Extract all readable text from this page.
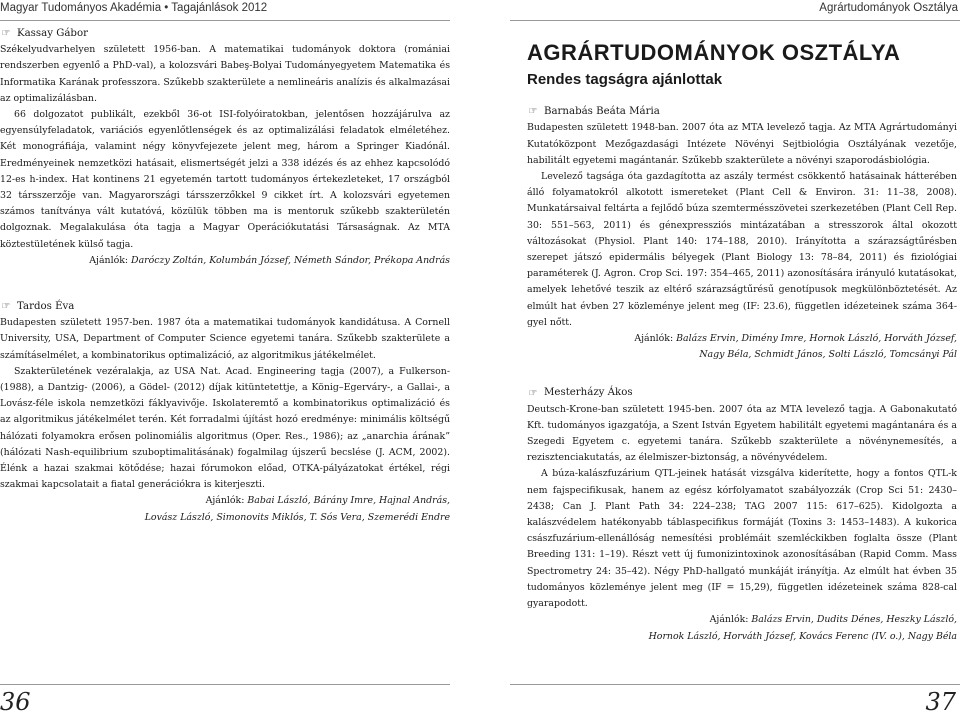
Magyar Tudományos Akadémia • Tagajánlások 2012	Agrártudományok Osztálya
☞ Kassay Gábor

Székelyudvarhelyen született 1956-ban. A matematikai tudományok doktora (romániai rendszerben egyenlő a PhD-val), a kolozsvári Babeş-Bolyai Tudományegyetem Matematika és Informatika Karának professzora. Szűkebb szakterülete a nemlineáris analízis és alkalmazásai az optimalizálásban.

66 dolgozatot publikált, ezekből 36-ot ISI-folyóiratokban, jelentősen hozzájárulva az egyensúlyfeladatok, variációs egyenlőtlenségek és az optimalizálási feladatok elméletéhez. Két monográfiája, valamint négy könyvfejezete jelent meg, három a Springer Kiadónál. Eredményeinek nemzetközi hatásait, elismertségét jelzi a 338 idézés és az ehhez kapcsolódó 12-es h-index. Hat kontinens 21 egyetemén tartott tudományos értekezleteket, 17 országból 32 társszerzője van. Magyarországi társszerzőkkel 9 cikket írt. A kolozsvári egyetemen számos tanítványa vált kutatóvá, közülük többen ma is mentoruk szűkebb szakterületén dolgoznak. Megalakulása óta tagja a Magyar Operációkutatási Társaságnak. Az MTA köztestületének külső tagja.

Ajánlók: Daróczy Zoltán, Kolumbán József, Németh Sándor, Prékopa András

☞ Tardos Éva

Budapesten született 1957-ben. 1987 óta a matematikai tudományok kandidátusa. A Cornell University, USA, Department of Computer Science egyetemi tanára. Szűkebb szakterülete a számításelmélet, a kombinatorikus optimalizáció, az algoritmikus játékelmélet.

Szakterületének vezéralakja, az USA Nat. Acad. Engineering tagja (2007), a Fulkerson- (1988), a Dantzig- (2006), a Gödel- (2012) díjak kitüntetettje, a König–Egerváry-, a Gallai-, a Lovász-féle iskola nemzetközi fáklyavivője. Iskolateremtő a kombinatorikus optimalizáció és az algoritmikus játékelmélet terén. Két forradalmi újítást hozó eredménye: minimális költségű hálózati folyamokra erősen polinomiális algoritmus (Oper. Res., 1986); az „anarchia árának” (hálózati Nash-equilibrium szuboptimalitásának) fogalmilag újszerű becslése (J. ACM, 2002). Élénk a hazai szakmai kötődése; hazai fórumokon előad, OTKA-pályázatokat értékel, régi szakmai kapcsolatait a fiatal generációkra is kiterjeszti.

Ajánlók: Babai László, Bárány Imre, Hajnal András,

Lovász László, Simonovits Miklós, T. Sós Vera, Szemerédi Endre

AGRÁRTUDOMÁNYOK OSZTÁLYA
Rendes tagságra ajánlottak
☞ Barnabás Beáta Mária

Budapesten született 1948-ban. 2007 óta az MTA levelező tagja. Az MTA Agrártudományi Kutatóközpont Mezőgazdasági Intézete Növényi Sejtbiológia Osztályának vezetője, habilitált egyetemi magántanár. Szűkebb szakterülete a növényi szaporodásbiológia.

Levelező tagsága óta gazdagította az aszály termést csökkentő hatásainak hátterében álló folyamatokról alkotott ismereteket (Plant Cell & Environ. 31: 11–38, 2008). Munkatársaival feltárta a fejlődő búza szemtermésszövetei szerkezetében (Plant Cell Rep. 30: 551–563, 2011) és génexpressziós mintázatában a stresszorok által okozott változásokat (Physiol. Plant 140: 174–188, 2010). Irányította a szárazságtűrésben szerepet játszó epidermális bélyegek (Plant Biology 13: 78–84, 2011) és fiziológiai paraméterek (J. Agron. Crop Sci. 197: 354–465, 2011) azonosítására irányuló kutatásokat, amelyek lehetővé teszik az eltérő szárazságtűrésű genotípusok megkülönböztetését. Az elmúlt hat évben 27 közleménye jelent meg (IF: 23.6), független idézeteinek száma 364-gyel nőtt.

Ajánlók: Balázs Ervin, Dimény Imre, Hornok László, Horváth József,

Nagy Béla, Schmidt János, Solti László, Tomcsányi Pál

☞ Mesterházy Ákos

Deutsch-Krone-ban született 1945-ben. 2007 óta az MTA levelező tagja. A Gabonakutató Kft. tudományos igazgatója, a Szent István Egyetem habilitált egyetemi magántanára és a Szegedi Egyetem c. egyetemi tanára. Szűkebb szakterülete a növénynemesítés, a rezisztenciakutatás, az élelmiszer-biztonság, a növényvédelem.

A búza-kalászfuzárium QTL-jeinek hatását vizsgálva kiderítette, hogy a fontos QTL-k nem fajspecifikusak, hanem az egész kórfolyamatot szabályozzák (Crop Sci 51: 2430–2438; Can J. Plant Path 34: 224–238; TAG 2007 115: 617–625). Kidolgozta a kalászvédelem hatékonyabb táblaspecifikus formáját (Toxins 3: 1453–1483). A kukorica császfuzárium-ellenállóság nemesítési problémáit szemléckikben foglalta össze (Plant Breeding 131: 1–19). Részt vett új fumonizintoxinok azonosításában (Rapid Comm. Mass Spectrometry 24: 35–42). Négy PhD-hallgató munkáját irányítja. Az elmúlt hat évben 35 tudományos közleménye jelent meg (IF = 15,29), független idézeteinek száma 828-cal gyarapodott.

Ajánlók: Balázs Ervin, Dudits Dénes, Heszky László,

Hornok László, Horváth József, Kovács Ferenc (IV. o.), Nagy Béla

36	37
